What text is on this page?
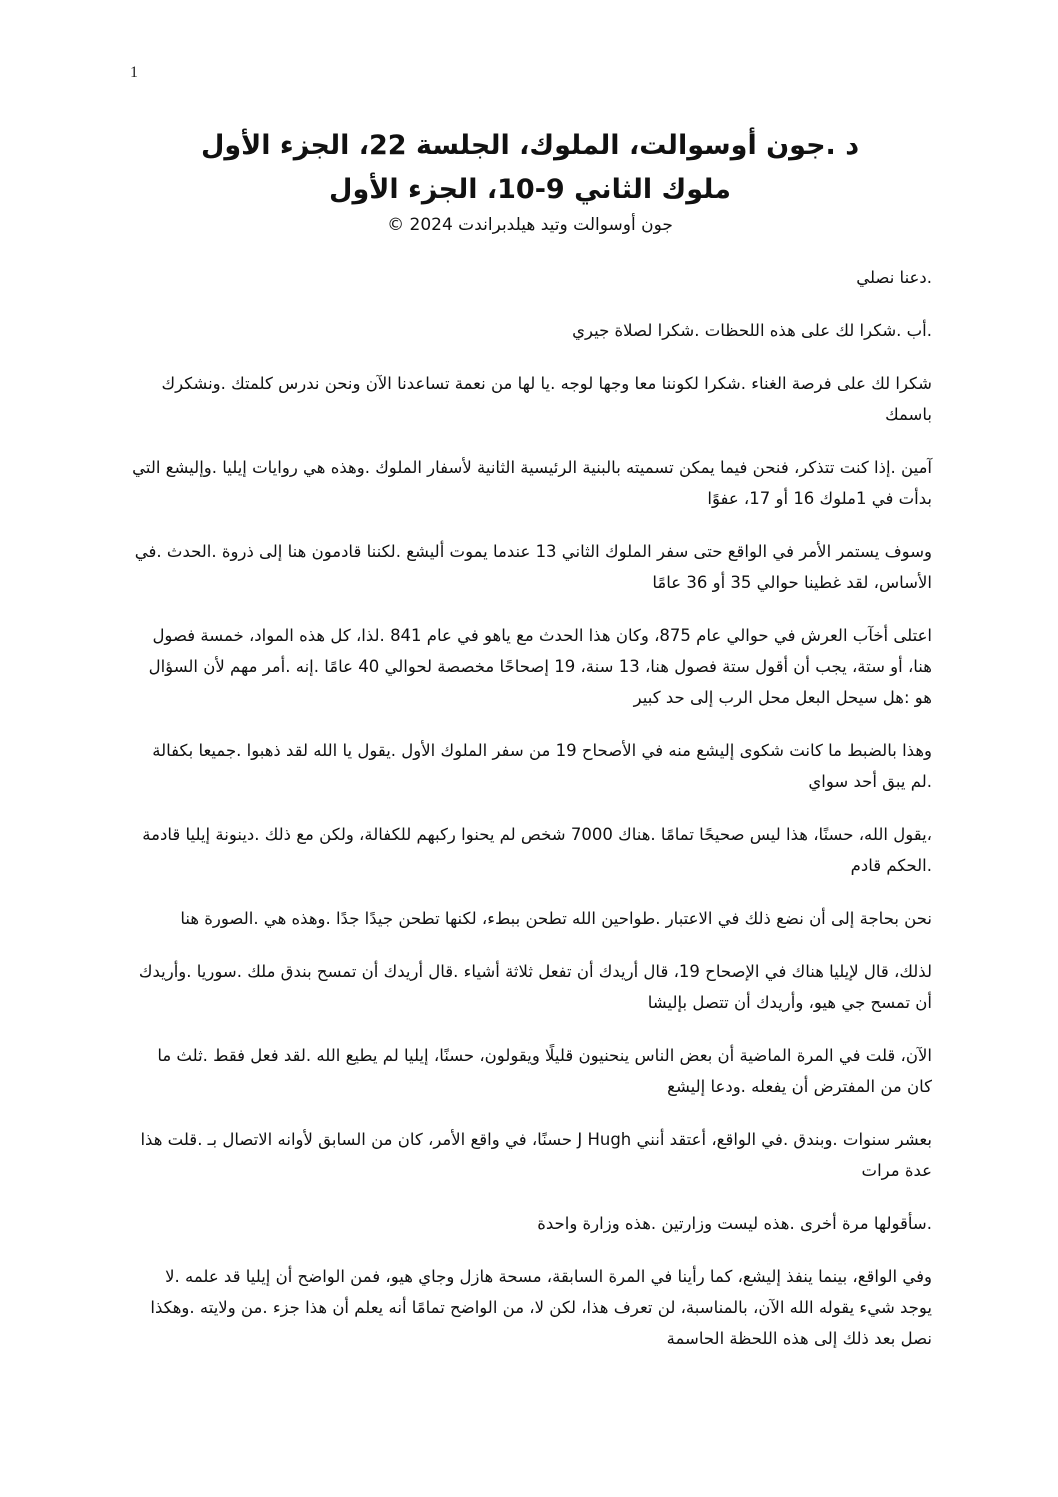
1

د .جون أوسوالت، الملوك، الجلسة 22، الجزء الأول

ملوك الثاني 9-10، الجزء الأول

جون أوسوالت وتيد هيلدبراندت 2024 ©

.دعنا نصلي

.أب .شكرا لك على هذه اللحظات .شكرا لصلاة جيري

شكرا لك على فرصة الغناء .شكرا لكوننا معا وجها لوجه .يا لها من نعمة تساعدنا الآن ونحن ندرس كلمتك .ونشكرك باسمك

آمين .إذا كنت تتذكر، فنحن فيما يمكن تسميته بالبنية الرئيسية الثانية لأسفار الملوك .وهذه هي روايات إيليا .وإليشع التي بدأت في 1ملوك 16 أو 17، عفوًا

وسوف يستمر الأمر في الواقع حتى سفر الملوك الثاني 13 عندما يموت أليشع .لكننا قادمون هنا إلى ذروة .الحدث .في الأساس، لقد غطينا حوالي 35 أو 36 عامًا

اعتلى أخآب العرش في حوالي عام 875، وكان هذا الحدث مع ياهو في عام 841 .لذا، كل هذه المواد، خمسة فصول هنا، أو ستة، يجب أن أقول ستة فصول هنا، 13 سنة، 19 إصحاحًا مخصصة لحوالي 40 عامًا .إنه .أمر مهم لأن السؤال هو :هل سيحل البعل محل الرب إلى حد كبير

وهذا بالضبط ما كانت شكوى إليشع منه في الأصحاح 19 من سفر الملوك الأول .يقول يا الله لقد ذهبوا .جميعا بكفالة .لم يبق أحد سواي

،يقول الله، حسنًا، هذا ليس صحيحًا تمامًا .هناك 7000 شخص لم يحنوا ركبهم للكفالة، ولكن مع ذلك .دينونة إيليا قادمة .الحكم قادم

نحن بحاجة إلى أن نضع ذلك في الاعتبار .طواحين الله تطحن ببطء، لكنها تطحن جيدًا جدًا .وهذه هي .الصورة هنا

لذلك، قال لإيليا هناك في الإصحاح 19، قال أريدك أن تفعل ثلاثة أشياء .قال أريدك أن تمسح بندق ملك .سوريا .وأريدك أن تمسح جي هيو، وأريدك أن تتصل بإليشا

الآن، قلت في المرة الماضية أن بعض الناس ينحنيون قليلًا ويقولون، حسنًا، إيليا لم يطيع الله .لقد فعل فقط .ثلث ما كان من المفترض أن يفعله .ودعا إليشع

بعشر سنوات .وبندق .في الواقع، أعتقد أنني J Hugh حسنًا، في واقع الأمر، كان من السابق لأوانه الاتصال بـ .قلت هذا عدة مرات

.سأقولها مرة أخرى .هذه ليست وزارتين .هذه وزارة واحدة

وفي الواقع، بينما ينفذ إليشع، كما رأينا في المرة السابقة، مسحة هازل وجاي هيو، فمن الواضح أن إيليا قد علمه .لا يوجد شيء يقوله الله الآن، بالمناسبة، لن تعرف هذا، لكن لا، من الواضح تمامًا أنه يعلم أن هذا جزء .من ولايته .وهكذا نصل بعد ذلك إلى هذه اللحظة الحاسمة
